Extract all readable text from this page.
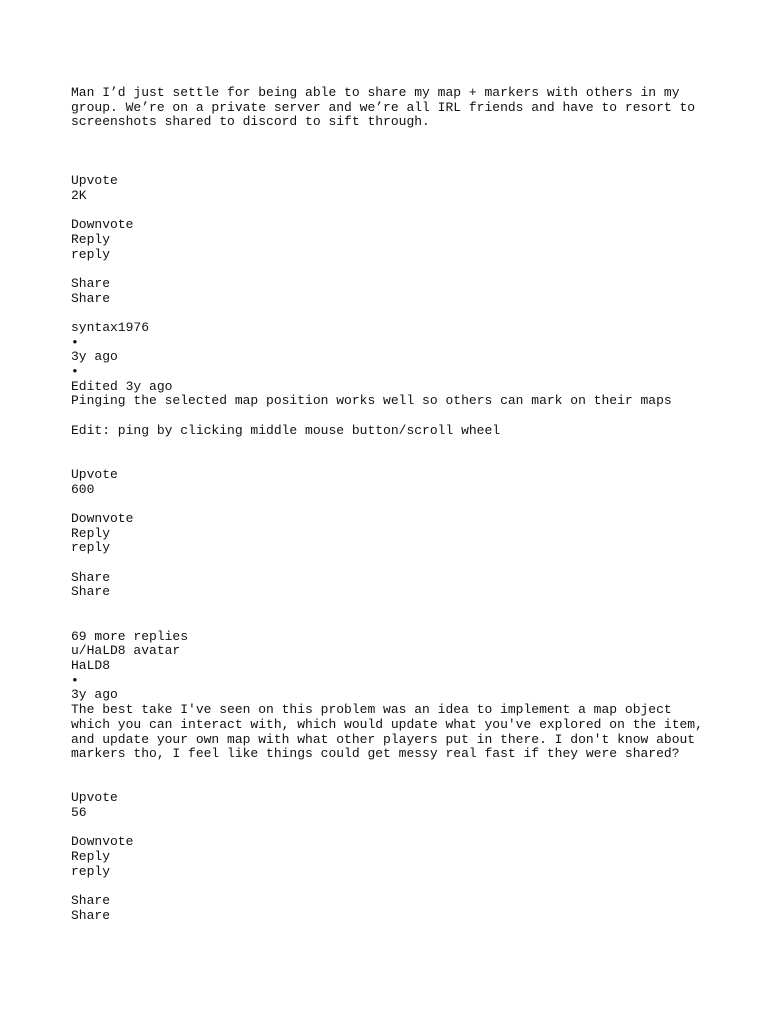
Man I’d just settle for being able to share my map + markers with others in my group. We’re on a private server and we’re all IRL friends and have to resort to screenshots shared to discord to sift through.
Upvote
2K
Downvote
Reply
reply
Share
Share
syntax1976
•
3y ago
•
Edited 3y ago
Pinging the selected map position works well so others can mark on their maps
Edit: ping by clicking middle mouse button/scroll wheel
Upvote
600
Downvote
Reply
reply
Share
Share
69 more replies
u/HaLD8 avatar
HaLD8
•
3y ago
The best take I've seen on this problem was an idea to implement a map object which you can interact with, which would update what you've explored on the item, and update your own map with what other players put in there. I don't know about markers tho, I feel like things could get messy real fast if they were shared?
Upvote
56
Downvote
Reply
reply
Share
Share
